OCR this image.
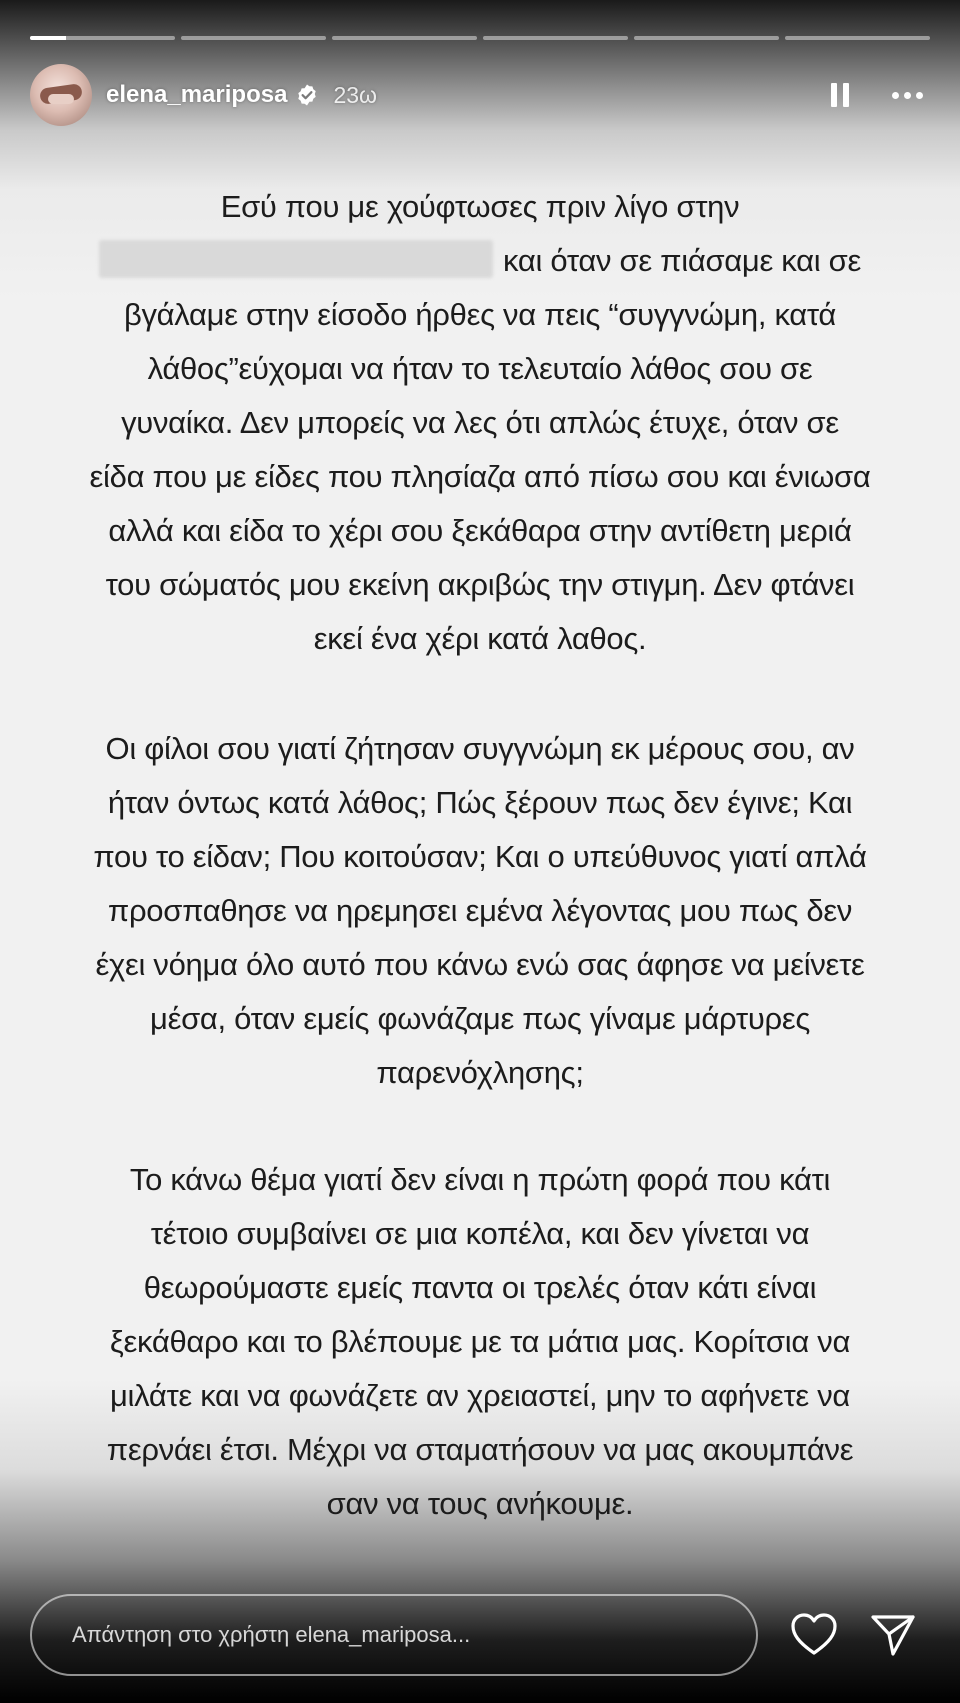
elena_mariposa 23ω
Εσύ που με χούφτωσες πριν λίγο στην
και όταν σε πιάσαμε και σε
βγάλαμε στην είσοδο ήρθες να πεις “συγγνώμη, κατά
λάθος”εύχομαι να ήταν το τελευταίο λάθος σου σε
γυναίκα. Δεν μπορείς να λες ότι απλώς έτυχε, όταν σε
είδα που με είδες που πλησίαζα από πίσω σου και ένιωσα
αλλά και είδα το χέρι σου ξεκάθαρα στην αντίθετη μεριά
του σώματός μου εκείνη ακριβώς την στιγμη. Δεν φτάνει
εκεί ένα χέρι κατά λαθος.
Οι φίλοι σου γιατί ζήτησαν συγγνώμη εκ μέρους σου, αν
ήταν όντως κατά λάθος; Πώς ξέρουν πως δεν έγινε; Και
που το είδαν; Που κοιτούσαν; Και ο υπεύθυνος γιατί απλά
προσπαθησε να ηρεμησει εμένα λέγοντας μου πως δεν
έχει νόημα όλο αυτό που κάνω ενώ σας άφησε να μείνετε
μέσα, όταν εμείς φωνάζαμε πως γίναμε μάρτυρες
παρενόχλησης;
Το κάνω θέμα γιατί δεν είναι η πρώτη φορά που κάτι
τέτοιο συμβαίνει σε μια κοπέλα, και δεν γίνεται να
θεωρούμαστε εμείς παντα οι τρελές όταν κάτι είναι
ξεκάθαρο και το βλέπουμε με τα μάτια μας. Κορίτσια να
μιλάτε και να φωνάζετε αν χρειαστεί, μην το αφήνετε να
περνάει έτσι. Μέχρι να σταματήσουν να μας ακουμπάνε
σαν να τους ανήκουμε.
Απάντηση στο χρήστη elena_mariposa...
